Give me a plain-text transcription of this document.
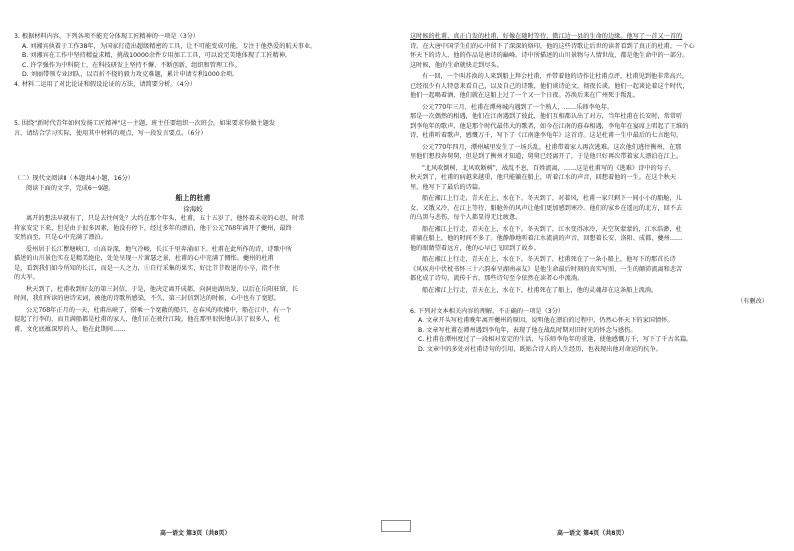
3. 根据材料内容，下列各项不能充分体现工匠精神的一项是（3分）
A. 刘湘宾执着于工作38年，为国家打造出超级精密的工具，让不可能变成可能，专注于他热爱的航天事业。
B. 刘湘宾在工作中坚持精益求精，挑战10000余件专用加工工具，可以说完美地体现了工匠精神。
C. 许学强作为中科院士，在科技研发上坚持不懈、不断创新，组织和管理工作。
D. 刘丽带领专业团队，以百折不挠的毅力攻克难题，累计申请专利1000余项。
4. 材料二运用了对比论证和假设论证的方法，请简要分析。（4分）
5. 围绕"新时代青年如何发扬工匠精神"这一主题，班主任要组织一次班会。如果要求你做主题发
言，请结合学习实际，使用其中材料的观点，写一段发言要点。（6分）
（二）现代文阅读Ⅱ（本题共4小题，16分）
阅读下面的文字，完成6～9题。
船上的杜甫
徐海蛟
离开的想法早就有了，只是去往何处？大约在那个年头，杜甫，五十五岁了，他怀着未竟的心思，时常
将家安定下来，但是由于很多因素，他没有停下，经过多年的漂泊，他于公元768年离开了夔州，最终
安然而至，只是心中充满了漂泊。
爱州居于长江瞿塘峡口，山高谷深，地气冷峻，长江千里奔涌而下。杜甫在此所作的诗，诗歌中所
描述的山川景色实在是精美绝伦，处处呈现一片萧瑟之景，杜甫的心中充满了惆怅。夔州的杜甫
是，看到我们如今所知的长江，而是一人之力，①自行采集的果实，好比节节败退的小卒，指不住
的大军。
秋天到了，杜甫收到好友的第三封信，于是，他决定离开成都，向洞庭湖出发，以后在岳阳驻留，长
时间，我们所读的唐诗宋词，被他的诗歌所感染，不久，第三封信到达的时候，心中也有了宽慰。
公元768年正月的一天，杜甫出峡了，搭乘一个宽敞的船只，在春风的吹拂中，船在江中，有一个
提起了行李的，而且满船都是杜甫的家人，他们正在驶往江陵，他在那里很快地认识了很多人，杜
甫，文化底蕴深厚的人，他在此期间……
高一语文 第3页（共8页）
这时候的杜甫，真正白发的杜甫，好像在随时等待，微江边一县的生命的边缘。他写了一首又一首的
诗，在大唐中国学生们的心中留下了深深的烙印，他的这些诗歌让后世的读者看到了真正的杜甫，一个心
怀天下的诗人，他的作品是唐诗的巅峰。诗中所描述的山川景物与人情世故，都是他生命中的一部分。
这时候，他的生命就快走到尽头。
有一回，一个叫苏涣的人来到船上拜会杜甫，并带着他的诗作让杜甫点评，杜甫见到他非常高兴，
已经很少有人特意来看自己，以及自己的诗歌，他们谈诗论文，彻夜长谈。他们一起谈论着这个时代，
他们一起喝着酒，他们就在这船上过了一个又一个日夜。苏涣后来在广州死于叛乱。
公元770年三月，杜甫在潭州城内遇到了一个熟人，……乐师李龟年。
那是一次偶然的相遇，他们在江南遇到了彼此，他们互相都认出了对方，当年杜甫在长安时，常常听
到李龟年的歌声，他是那个时代最伟大的歌者，如今在江南的暮春相遇，李龟年在宴席上唱起了王维的
诗，杜甫听着歌声，感慨万千，写下了《江南逢李龟年》这首诗。这是杜甫一生中最后的七言绝句。
公元770年四月，潭州城里发生了一场兵乱，杜甫带着家人再次逃难。这次他们逃往衡州，在那
里他们想投奔舅舅，但是到了衡州才知道，舅舅已经离开了，于是他只好再次带着家人漂泊在江上。
"北风吹倒树，北风吹断树"，战乱不息，百姓流离，……这是杜甫写的《逃难》诗中的句子。
秋天到了，杜甫的病越来越重，他只能躺在船上，听着江水的声音，回想着他的一生。在这个秋天
里，他写下了最后的诗篇。
船在湘江上行走，青天在上，水在下，冬天到了，对着风，杜甫一家只剩下一间小小的船舱，儿
女，又饿又冷，在江上等待，船舱外的风声让他们更加感到寒冷。他们的家乡在遥远的北方，回不去
的乌黑与悲伤，每个人都显得无比疲惫。
船在湘江上行走，青天在上，水在下。冬天到了，江水变得冰冷，天空灰蒙蒙的，江水浩渺，杜
甫躺在船上，他的时间不多了。他静静地听着江水流淌的声音，回想着长安、洛阳、成都、夔州……
他的眼睛望着远方，他的心早已飞回到了故乡。
船在湘江上行走，青天在上，水在下。冬天到了，杜甫死在了一条小船上，他写下的那首长诗
《风疾舟中伏枕书怀三十六韵奉呈湖南亲友》是他生命最后时刻的真实写照，一生的颠沛流离和悲苦
都化成了诗句，流传千古，那些诗句至今依然在读者心中流淌。
船在湘江上行走，青天在上，水在下，杜甫死在了船上，他的灵魂却在这条船上流淌。
（有删改）
6. 下列对文本相关内容的理解，不正确的一项是（3分）
A. 文章开头写杜甫晚年离开夔州的原因，说明他在漂泊的过程中，仍然心怀天下的家国情怀。
B. 文章写杜甫在潭州遇到李龟年，表现了他在战乱时期对旧时光的怀念与感伤。
C. 杜甫在潭州度过了一段相对安定的生活，与乐师李龟年的重逢，使他感慨万千，写下了千古名篇。
D. 文章中的多处对杜甫诗句的引用，既贴合诗人的人生经历，也表现出他对命运的抗争。
高一语文 第4页（共8页）
